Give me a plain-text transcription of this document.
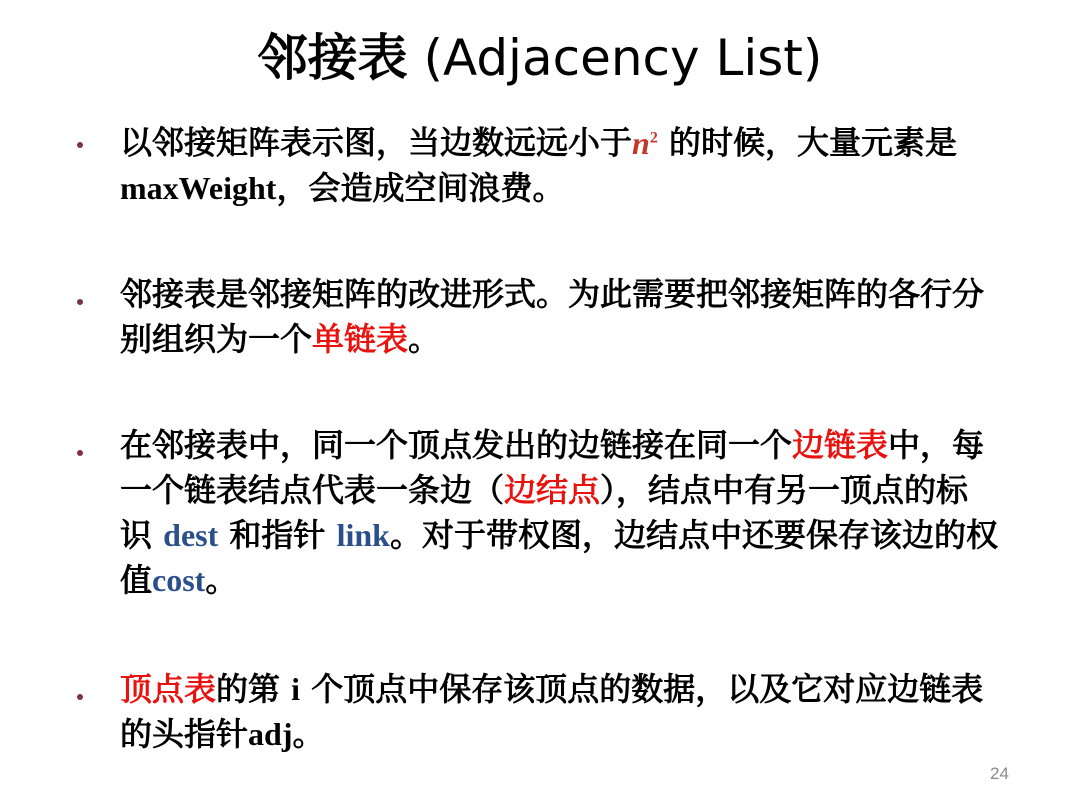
邻接表 (Adjacency List)
以邻接矩阵表示图，当边数远远小于$n^2$ 的时候，大量元素是maxWeight，会造成空间浪费。
邻接表是邻接矩阵的改进形式。为此需要把邻接矩阵的各行分别组织为一个单链表。
在邻接表中，同一个顶点发出的边链接在同一个边链表中，每一个链表结点代表一条边（边结点），结点中有另一顶点的标识 dest 和指针 link。对于带权图，边结点中还要保存该边的权值cost。
顶点表的第 i 个顶点中保存该顶点的数据，以及它对应边链表的头指针adj。
24
